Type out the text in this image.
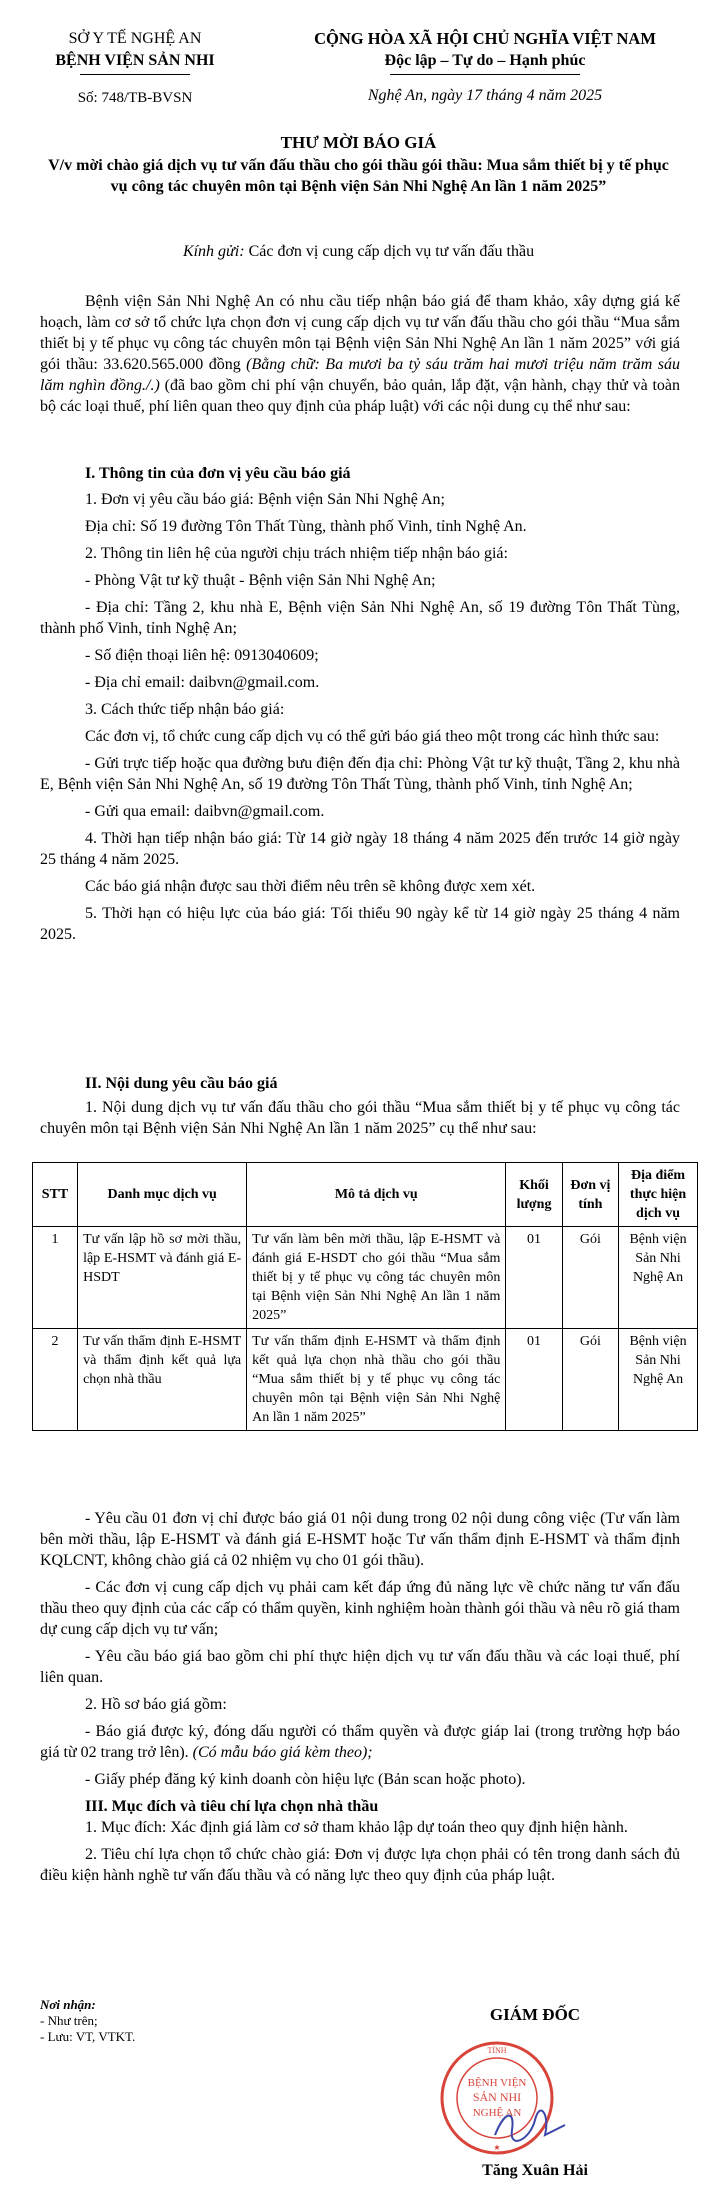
SỞ Y TẾ NGHỆ AN
BỆNH VIỆN SẢN NHI
Số: 748/TB-BVSN
CỘNG HÒA XÃ HỘI CHỦ NGHĨA VIỆT NAM
Độc lập – Tự do – Hạnh phúc
Nghệ An, ngày 17 tháng 4 năm 2025
THƯ MỜI BÁO GIÁ
V/v mời chào giá dịch vụ tư vấn đấu thầu cho gói thầu gói thầu: Mua sắm thiết bị y tế phục vụ công tác chuyên môn tại Bệnh viện Sản Nhi Nghệ An lần 1 năm 2025”
Kính gửi: Các đơn vị cung cấp dịch vụ tư vấn đấu thầu

Bệnh viện Sản Nhi Nghệ An có nhu cầu tiếp nhận báo giá để tham khảo, xây dựng giá kế hoạch, làm cơ sở tổ chức lựa chọn đơn vị cung cấp dịch vụ tư vấn đấu thầu cho gói thầu “Mua sắm thiết bị y tế phục vụ công tác chuyên môn tại Bệnh viện Sản Nhi Nghệ An lần 1 năm 2025” với giá gói thầu: 33.620.565.000 đồng (Bằng chữ: Ba mươi ba tỷ sáu trăm hai mươi triệu năm trăm sáu lăm nghìn đồng./.) (đã bao gồm chi phí vận chuyển, bảo quản, lắp đặt, vận hành, chạy thử và toàn bộ các loại thuế, phí liên quan theo quy định của pháp luật) với các nội dung cụ thể như sau:

I. Thông tin của đơn vị yêu cầu báo giá
1. Đơn vị yêu cầu báo giá: Bệnh viện Sản Nhi Nghệ An;
Địa chỉ: Số 19 đường Tôn Thất Tùng, thành phố Vinh, tỉnh Nghệ An.
2. Thông tin liên hệ của người chịu trách nhiệm tiếp nhận báo giá:
- Phòng Vật tư kỹ thuật - Bệnh viện Sản Nhi Nghệ An;
- Địa chỉ: Tầng 2, khu nhà E, Bệnh viện Sản Nhi Nghệ An, số 19 đường Tôn Thất Tùng, thành phố Vinh, tỉnh Nghệ An;
- Số điện thoại liên hệ: 0913040609;
- Địa chỉ email: daibvn@gmail.com.
3. Cách thức tiếp nhận báo giá:
Các đơn vị, tổ chức cung cấp dịch vụ có thể gửi báo giá theo một trong các hình thức sau:
- Gửi trực tiếp hoặc qua đường bưu điện đến địa chỉ: Phòng Vật tư kỹ thuật, Tầng 2, khu nhà E, Bệnh viện Sản Nhi Nghệ An, số 19 đường Tôn Thất Tùng, thành phố Vinh, tỉnh Nghệ An;
- Gửi qua email: daibvn@gmail.com.
4. Thời hạn tiếp nhận báo giá: Từ 14 giờ ngày 18 tháng 4 năm 2025 đến trước 14 giờ ngày 25 tháng 4 năm 2025.
Các báo giá nhận được sau thời điểm nêu trên sẽ không được xem xét.
5. Thời hạn có hiệu lực của báo giá: Tối thiểu 90 ngày kể từ 14 giờ ngày 25 tháng 4 năm 2025.
II. Nội dung yêu cầu báo giá
1. Nội dung dịch vụ tư vấn đấu thầu cho gói thầu “Mua sắm thiết bị y tế phục vụ công tác chuyên môn tại Bệnh viện Sản Nhi Nghệ An lần 1 năm 2025” cụ thể như sau:
STT	Danh mục dịch vụ	Mô tả dịch vụ	Khối lượng	Đơn vị tính	Địa điểm thực hiện dịch vụ
1	Tư vấn lập hồ sơ mời thầu, lập E-HSMT và đánh giá E-HSDT	Tư vấn làm bên mời thầu, lập E-HSMT và đánh giá E-HSDT cho gói thầu “Mua sắm thiết bị y tế phục vụ công tác chuyên môn tại Bệnh viện Sản Nhi Nghệ An lần 1 năm 2025”	01	Gói	Bệnh viện Sản Nhi Nghệ An
2	Tư vấn thẩm định E-HSMT và thẩm định kết quả lựa chọn nhà thầu	Tư vấn thẩm định E-HSMT và thẩm định kết quả lựa chọn nhà thầu cho gói thầu “Mua sắm thiết bị y tế phục vụ công tác chuyên môn tại Bệnh viện Sản Nhi Nghệ An lần 1 năm 2025”	01	Gói	Bệnh viện Sản Nhi Nghệ An
- Yêu cầu 01 đơn vị chỉ được báo giá 01 nội dung trong 02 nội dung công việc (Tư vấn làm bên mời thầu, lập E-HSMT và đánh giá E-HSMT hoặc Tư vấn thẩm định E-HSMT và thẩm định KQLCNT, không chào giá cả 02 nhiệm vụ cho 01 gói thầu).
- Các đơn vị cung cấp dịch vụ phải cam kết đáp ứng đủ năng lực về chức năng tư vấn đấu thầu theo quy định của các cấp có thẩm quyền, kinh nghiệm hoàn thành gói thầu và nêu rõ giá tham dự cung cấp dịch vụ tư vấn;
- Yêu cầu báo giá bao gồm chi phí thực hiện dịch vụ tư vấn đấu thầu và các loại thuế, phí liên quan.
2. Hồ sơ báo giá gồm:
- Báo giá được ký, đóng dấu người có thẩm quyền và được giáp lai (trong trường hợp báo giá từ 02 trang trở lên). (Có mẫu báo giá kèm theo);
- Giấy phép đăng ký kinh doanh còn hiệu lực (Bản scan hoặc photo).
III. Mục đích và tiêu chí lựa chọn nhà thầu
1. Mục đích: Xác định giá làm cơ sở tham khảo lập dự toán theo quy định hiện hành.
2. Tiêu chí lựa chọn tổ chức chào giá: Đơn vị được lựa chọn phải có tên trong danh sách đủ điều kiện hành nghề tư vấn đấu thầu và có năng lực theo quy định của pháp luật.
Nơi nhận:
- Như trên;
- Lưu: VT, VTKT.
GIÁM ĐỐC
Tăng Xuân Hải
BỆNH VIỆN
SẢN NHI
NGHỆ AN
TỈNH
★
